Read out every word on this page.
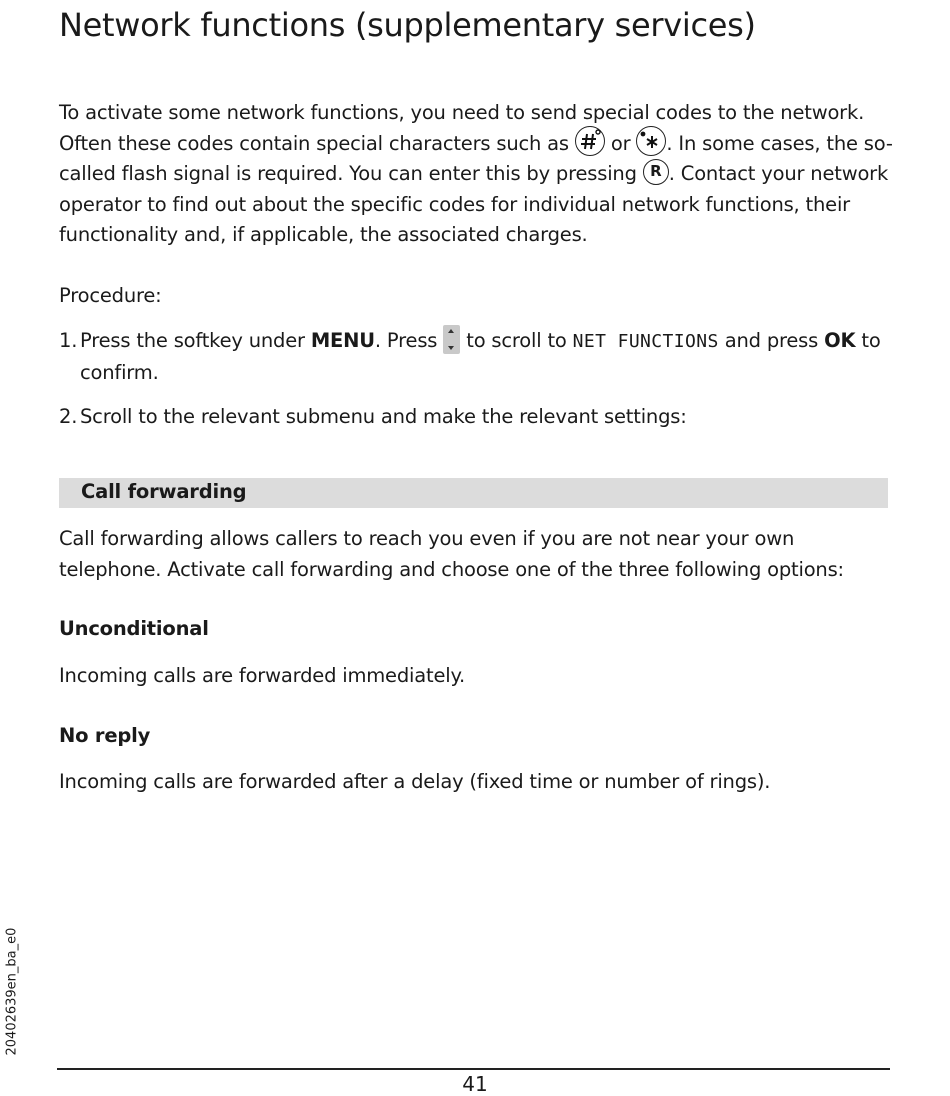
Network functions (supplementary services)

To activate some network functions, you need to send special codes to the network. Often these codes contain special characters such as
or
. In some cases, the so-called flash signal is required. You can enter this by pressing R . Contact your network operator to find out about the specific codes for individual network functions, their functionality and, if applicable, the associated charges.

Procedure:

1. Press the softkey under MENU. Press  to scroll to NET FUNCTIONS and press OK to confirm.
2. Scroll to the relevant submenu and make the relevant settings:
Call forwarding

Call forwarding allows callers to reach you even if you are not near your own telephone. Activate call forwarding and choose one of the three following options:

Unconditional

Incoming calls are forwarded immediately.

No reply

Incoming calls are forwarded after a delay (fixed time or number of rings).

20402639en_ba_e0
41
